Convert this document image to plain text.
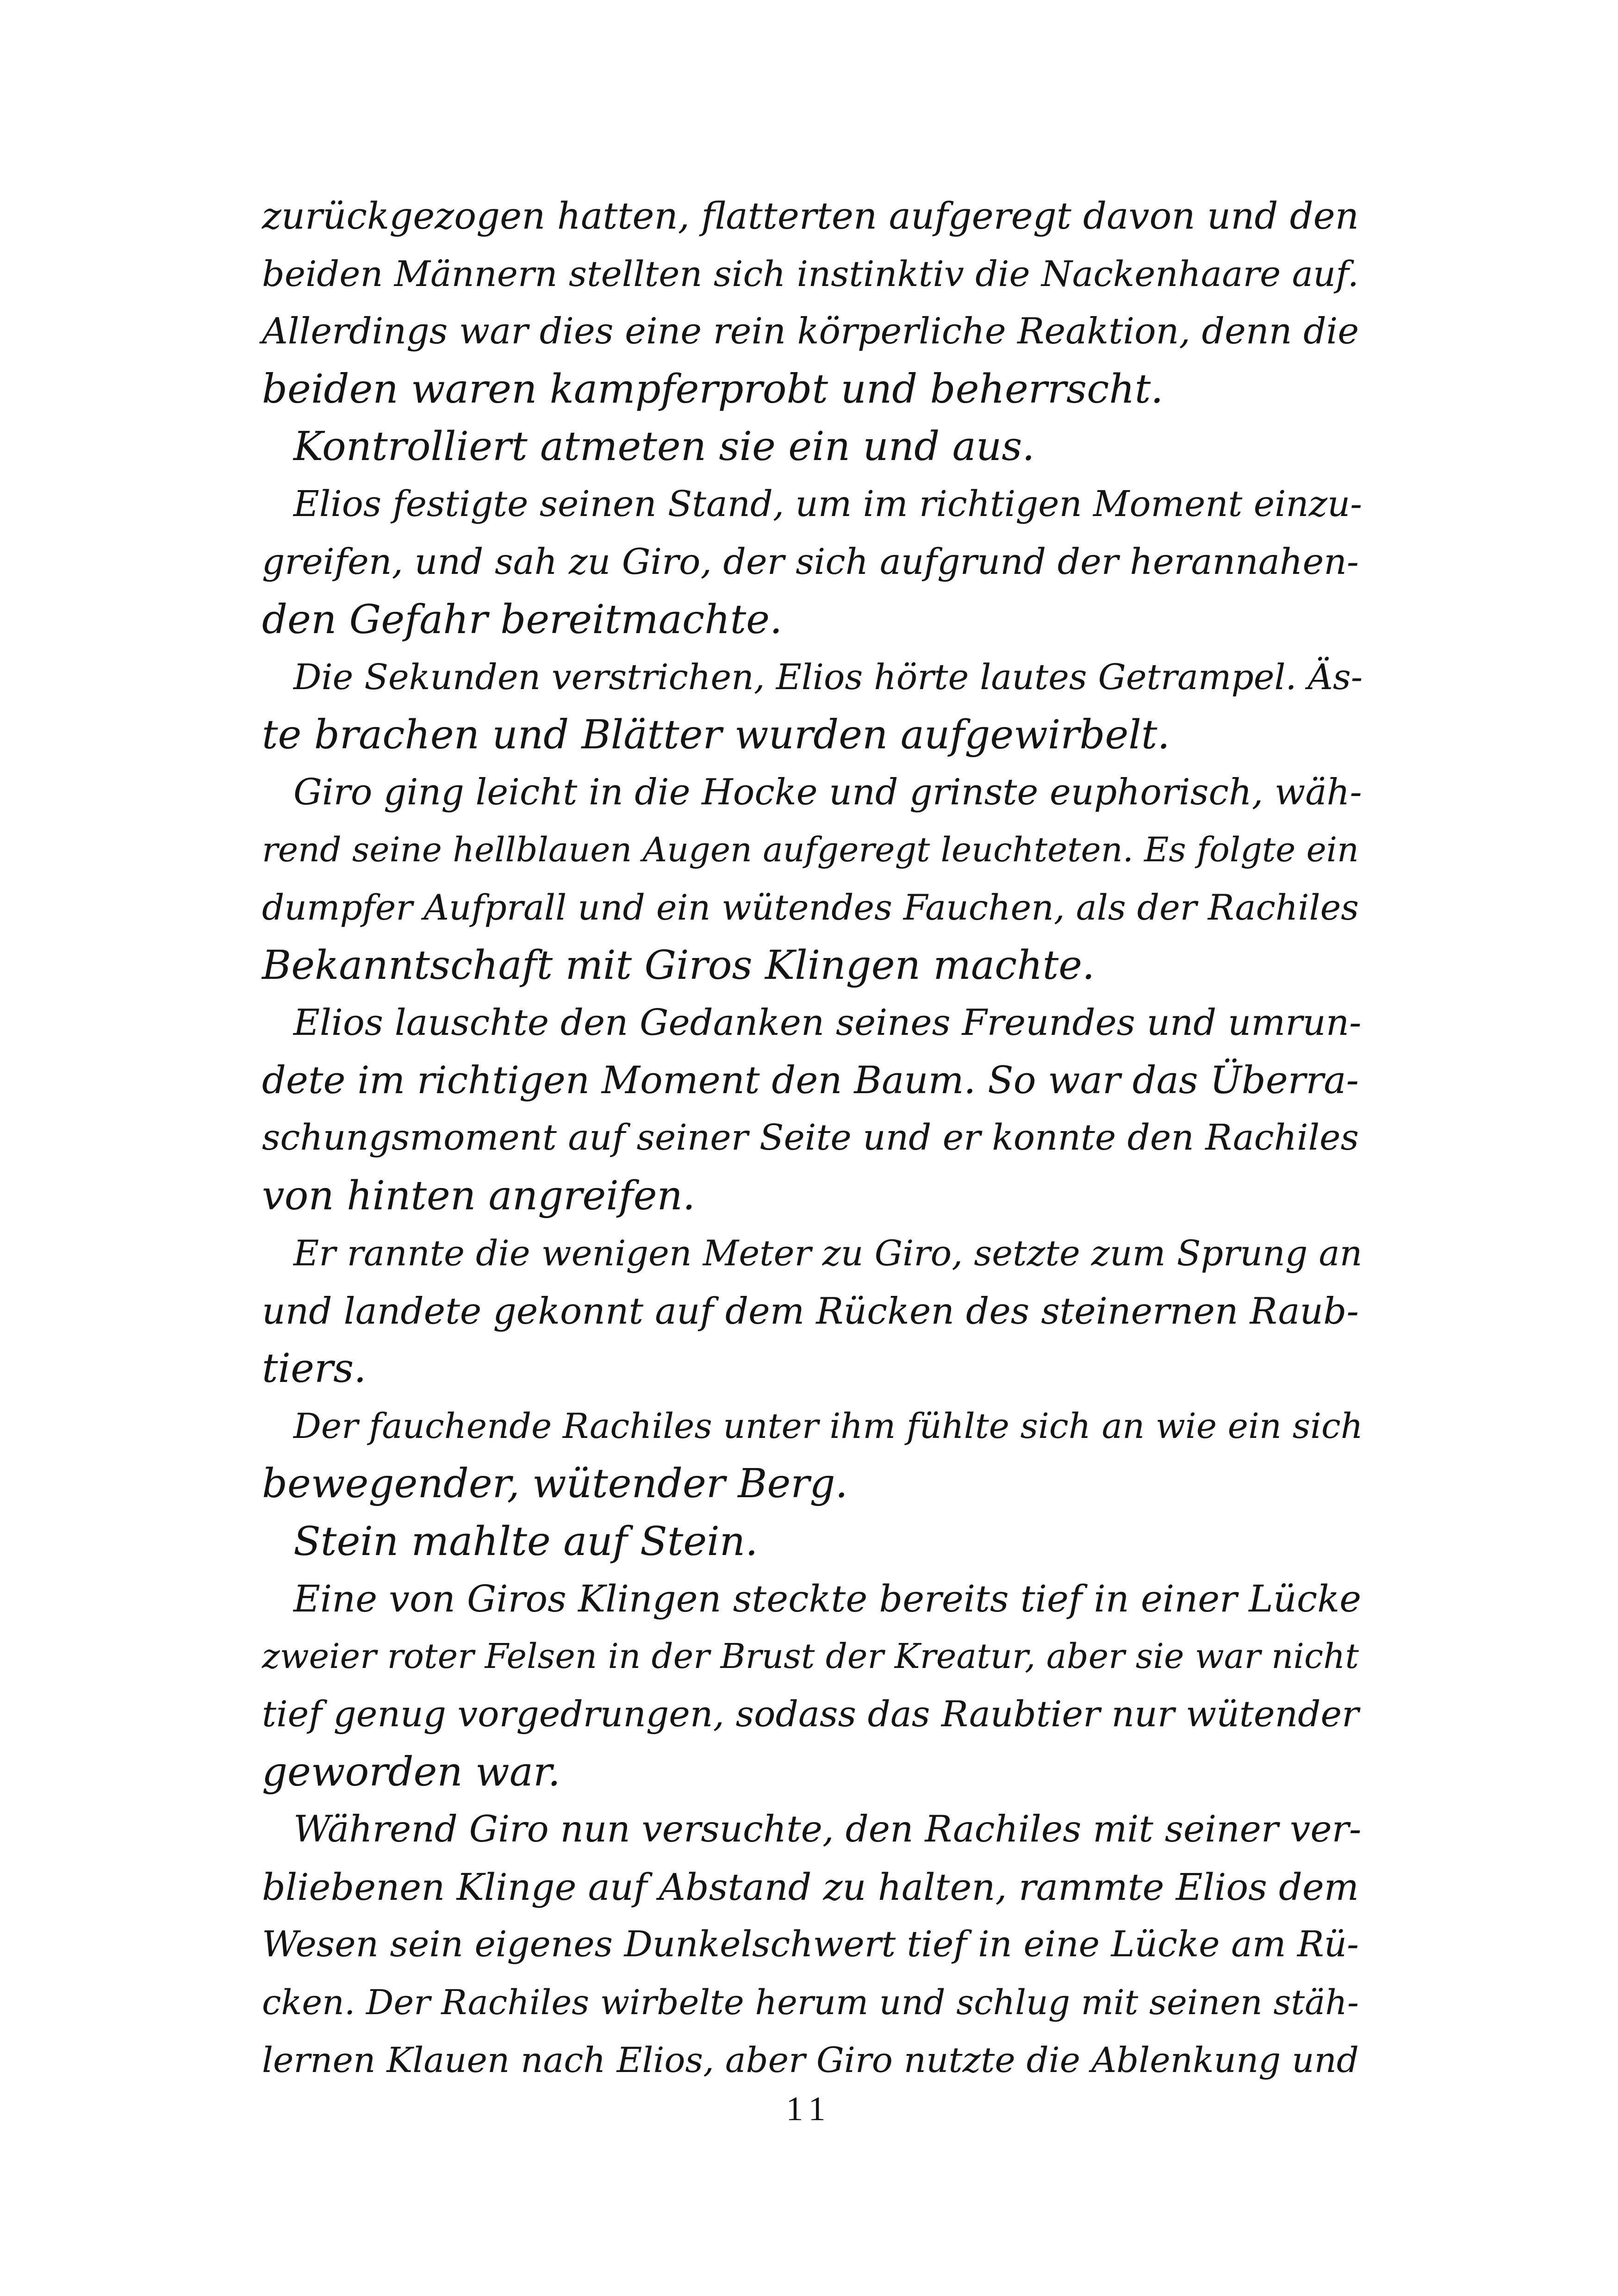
zurückgezogen hatten, flatterten aufgeregt davon und den
beiden Männern stellten sich instinktiv die Nackenhaare auf.
Allerdings war dies eine rein körperliche Reaktion, denn die
beiden waren kampferprobt und beherrscht.
Kontrolliert atmeten sie ein und aus.
Elios festigte seinen Stand, um im richtigen Moment einzu-
greifen, und sah zu Giro, der sich aufgrund der herannahen-
den Gefahr bereitmachte.
Die Sekunden verstrichen, Elios hörte lautes Getrampel. Äs-
te brachen und Blätter wurden aufgewirbelt.
Giro ging leicht in die Hocke und grinste euphorisch, wäh-
rend seine hellblauen Augen aufgeregt leuchteten. Es folgte ein
dumpfer Aufprall und ein wütendes Fauchen, als der Rachiles
Bekanntschaft mit Giros Klingen machte.
Elios lauschte den Gedanken seines Freundes und umrun-
dete im richtigen Moment den Baum. So war das Überra-
schungsmoment auf seiner Seite und er konnte den Rachiles
von hinten angreifen.
Er rannte die wenigen Meter zu Giro, setzte zum Sprung an
und landete gekonnt auf dem Rücken des steinernen Raub-
tiers.
Der fauchende Rachiles unter ihm fühlte sich an wie ein sich
bewegender, wütender Berg.
Stein mahlte auf Stein.
Eine von Giros Klingen steckte bereits tief in einer Lücke
zweier roter Felsen in der Brust der Kreatur, aber sie war nicht
tief genug vorgedrungen, sodass das Raubtier nur wütender
geworden war.
Während Giro nun versuchte, den Rachiles mit seiner ver-
bliebenen Klinge auf Abstand zu halten, rammte Elios dem
Wesen sein eigenes Dunkelschwert tief in eine Lücke am Rü-
cken. Der Rachiles wirbelte herum und schlug mit seinen stäh-
lernen Klauen nach Elios, aber Giro nutzte die Ablenkung und
11
